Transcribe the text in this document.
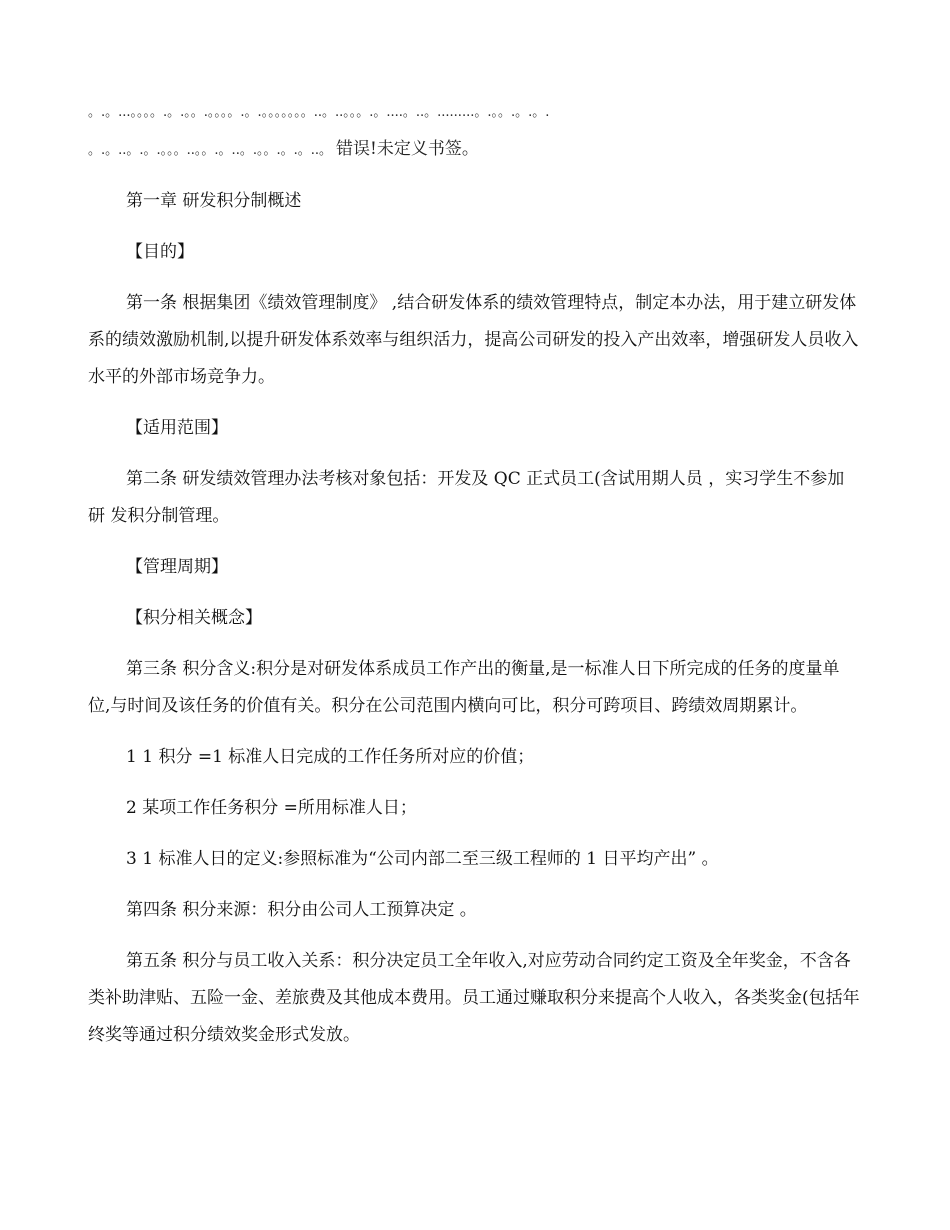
。.。...。。。。.。.。。.。。。。.。.。。。。。。。..。..。。。.。....。..。.........。.。。.。.。.
。.。..。.。.。。。..。。.。..。.。。.。.。..。 错误!未定义书签。

第一章 研发积分制概述

【目的】

第一条 根据集团《绩效管理制度》 ,结合研发体系的绩效管理特点，制定本办法，用于建立研发体 系的绩效激励机制,以提升研发体系效率与组织活力，提高公司研发的投入产出效率，增强研发人员收入 水平的外部市场竞争力。

【适用范围】

第二条 研发绩效管理办法考核对象包括：开发及 QC 正式员工(含试用期人员 ，实习学生不参加研 发积分制管理。

【管理周期】

【积分相关概念】

第三条 积分含义:积分是对研发体系成员工作产出的衡量,是一标准人日下所完成的任务的度量单 位,与时间及该任务的价值有关。积分在公司范围内横向可比，积分可跨项目、跨绩效周期累计。

1 1 积分 =1 标准人日完成的工作任务所对应的价值；

2 某项工作任务积分 =所用标准人日；

3 1 标准人日的定义:参照标准为“公司内部二至三级工程师的 1 日平均产出” 。

第四条 积分来源：积分由公司人工预算决定 。

第五条 积分与员工收入关系：积分决定员工全年收入,对应劳动合同约定工资及全年奖金，不含各 类补助津贴、五险一金、差旅费及其他成本费用。员工通过赚取积分来提高个人收入，各类奖金(包括年 终奖等通过积分绩效奖金形式发放。
